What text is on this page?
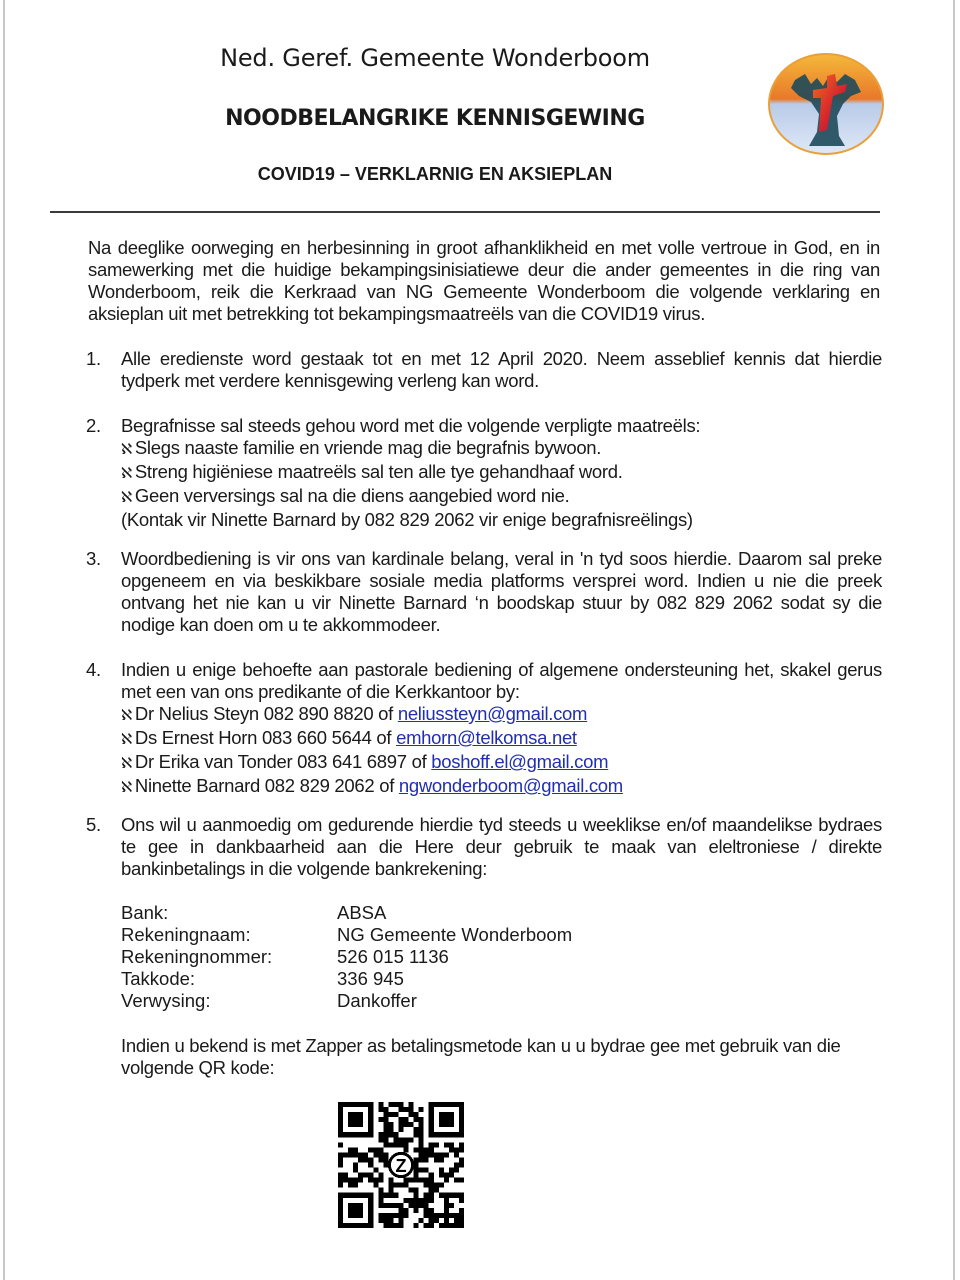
Ned. Geref. Gemeente Wonderboom
NOODBELANGRIKE KENNISGEWING
COVID19 – VERKLARNIG EN AKSIEPLAN
Na deeglike oorweging en herbesinning in groot afhanklikheid en met volle vertroue in God, en in samewerking met die huidige bekampingsinisiatiewe deur die ander gemeentes in die ring van Wonderboom, reik die Kerkraad van NG Gemeente Wonderboom die volgende verklaring en aksieplan uit met betrekking tot bekampingsmaatreëls van die COVID19 virus.
1.	Alle eredienste word gestaak tot en met 12 April 2020. Neem asseblief kennis dat hierdie tydperk met verdere kennisgewing verleng kan word.
2.	Begrafnisse sal steeds gehou word met die volgende verpligte maatreëls:
ℵ Slegs naaste familie en vriende mag die begrafnis bywoon.
ℵ Streng higiëniese maatreëls sal ten alle tye gehandhaaf word.
ℵ Geen verversings sal na die diens aangebied word nie.
(Kontak vir Ninette Barnard by 082 829 2062 vir enige begrafnisreëlings)
3.	Woordbediening is vir ons van kardinale belang, veral in 'n tyd soos hierdie. Daarom sal preke opgeneem en via beskikbare sosiale media platforms versprei word. Indien u nie die preek ontvang het nie kan u vir Ninette Barnard ‘n boodskap stuur by 082 829 2062 sodat sy die nodige kan doen om u te akkommodeer.
4.	Indien u enige behoefte aan pastorale bediening of algemene ondersteuning het, skakel gerus met een van ons predikante of die Kerkkantoor by:
ℵ Dr Nelius Steyn 082 890 8820 of neliussteyn@gmail.com
ℵ Ds Ernest Horn 083 660 5644 of emhorn@telkomsa.net
ℵ Dr Erika van Tonder 083 641 6897 of boshoff.el@gmail.com
ℵ Ninette Barnard 082 829 2062 of ngwonderboom@gmail.com
5.	Ons wil u aanmoedig om gedurende hierdie tyd steeds u weeklikse en/of maandelikse bydraes te gee in dankbaarheid aan die Here deur gebruik te maak van eleltroniese / direkte bankinbetalings in die volgende bankrekening:
Bank:	ABSA
Rekeningnaam:	NG Gemeente Wonderboom
Rekeningnommer:	526 015 1136
Takkode:	336 945
Verwysing:	Dankoffer
Indien u bekend is met Zapper as betalingsmetode kan u u bydrae gee met gebruik van die volgende QR kode:
Z
